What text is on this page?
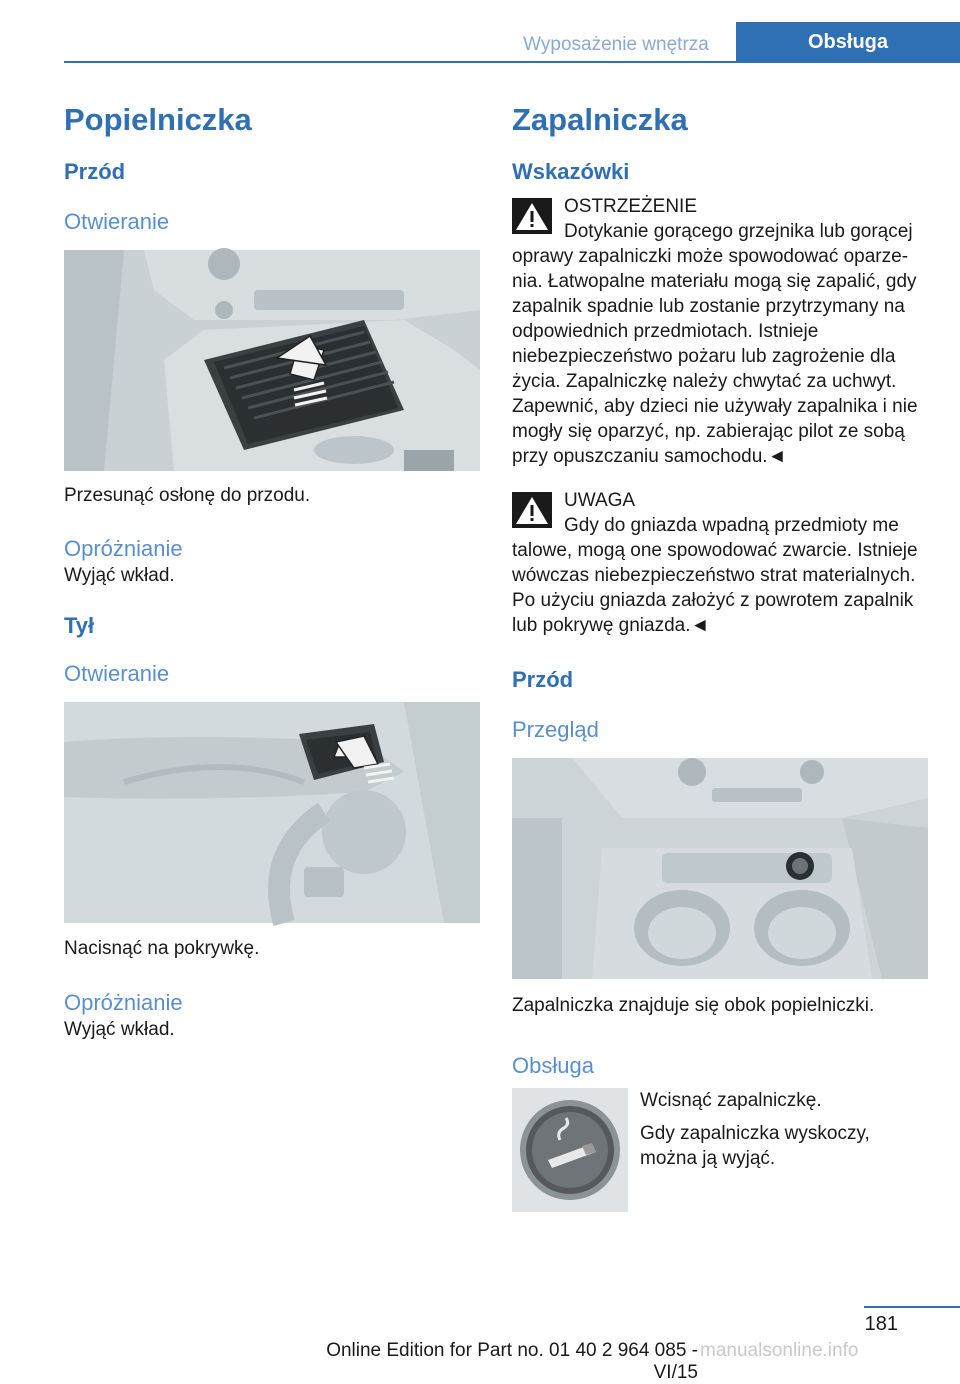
Wyposażenie wnętrza	Obsługa
Popielniczka
Przód
Otwieranie
Przesunąć osłonę do przodu.
Opróżnianie
Wyjąć wkład.
Tył
Otwieranie
Nacisnąć na pokrywkę.
Opróżnianie
Wyjąć wkład.
Zapalniczka
Wskazówki
OSTRZEŻENIE
Dotykanie gorącego grzejnika lub gorącej
oprawy zapalniczki może spowodować oparzenia. Łatwopalne materiału mogą się zapalić, gdy zapalnik spadnie lub zostanie przytrzymany na odpowiednich przedmiotach. Istnieje niebezpieczeństwo pożaru lub zagrożenie dla życia. Zapalniczkę należy chwytać za uchwyt. Zapewnić, aby dzieci nie używały zapalnika i nie mogły się oparzyć, np. zabierając pilot ze sobą przy opuszczaniu samochodu.◄
UWAGA
Gdy do gniazda wpadną przedmioty me
talowe, mogą one spowodować zwarcie. Istnieje wówczas niebezpieczeństwo strat materialnych. Po użyciu gniazda założyć z powrotem zapalnik lub pokrywę gniazda.◄
Przód
Przegląd
Zapalniczka znajduje się obok popielniczki.
Obsługa
Wcisnąć zapalniczkę.
Gdy zapalniczka wyskoczy, można ją wyjąć.
181
Online Edition for Part no. 01 40 2 964 085 - VI/15
manualsonline.info
